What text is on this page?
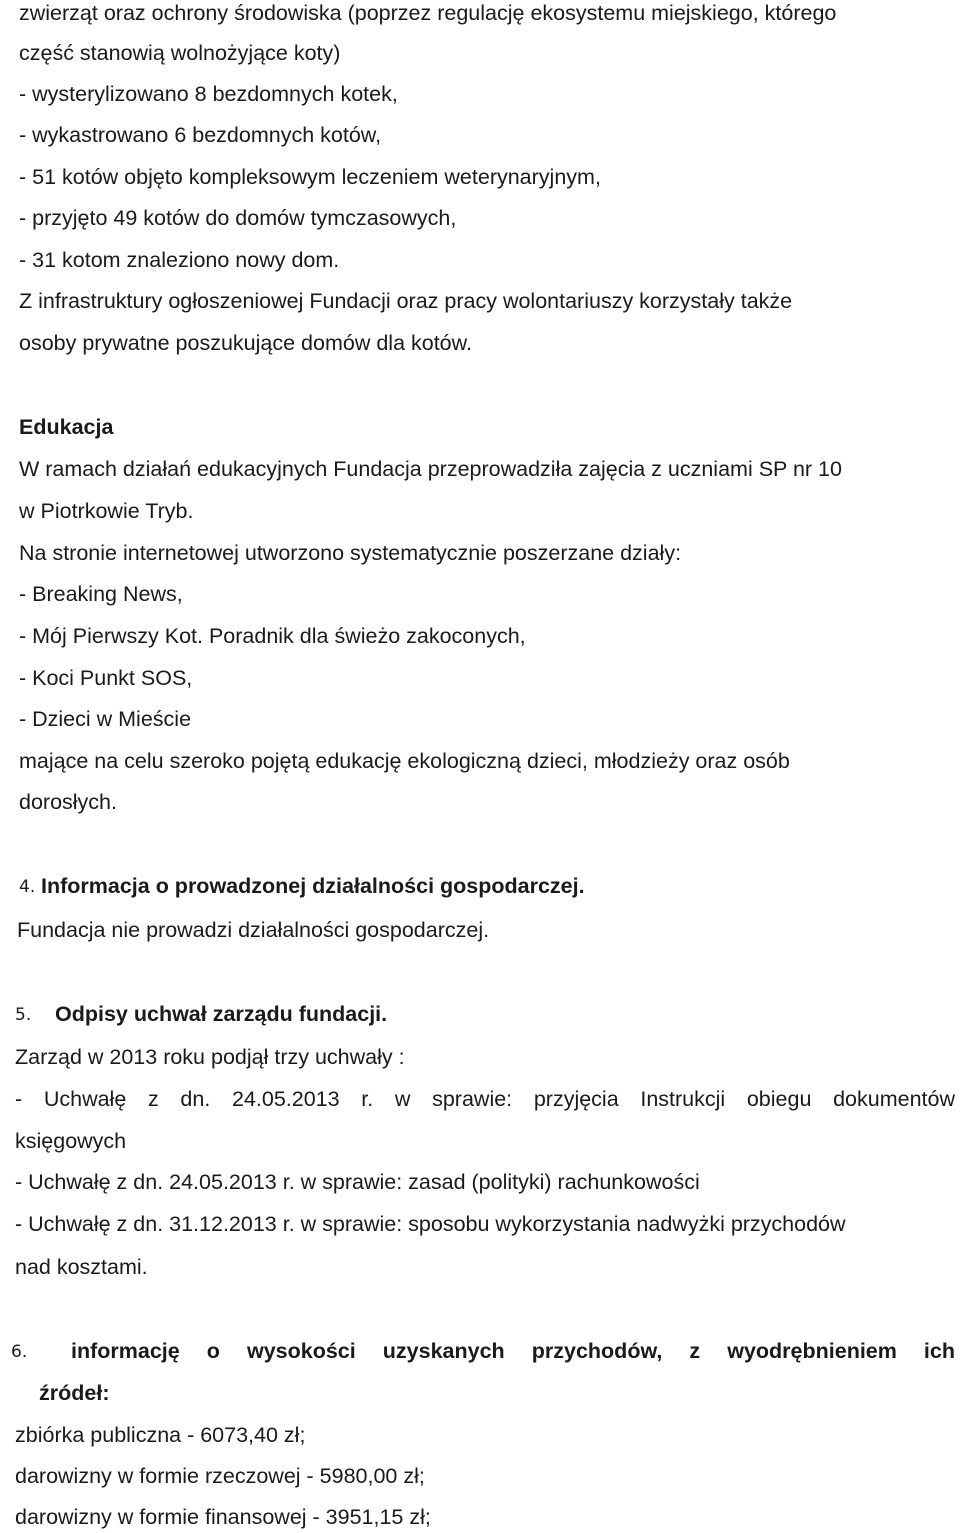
zwierząt oraz ochrony środowiska (poprzez regulację ekosystemu miejskiego, którego
część stanowią wolnożyjące koty)
- wysterylizowano 8 bezdomnych kotek,
- wykastrowano 6 bezdomnych kotów,
- 51 kotów objęto kompleksowym leczeniem weterynaryjnym,
- przyjęto 49 kotów do domów tymczasowych,
- 31 kotom znaleziono nowy dom.
Z infrastruktury ogłoszeniowej Fundacji oraz pracy wolontariuszy korzystały także
osoby prywatne poszukujące domów dla kotów.
Edukacja
W ramach działań edukacyjnych Fundacja przeprowadziła zajęcia z uczniami SP nr 10
w Piotrkowie Tryb.
Na stronie internetowej utworzono systematycznie poszerzane działy:
- Breaking News,
- Mój Pierwszy Kot. Poradnik dla świeżo zakoconych,
- Koci Punkt SOS,
- Dzieci w Mieście
mające na celu szeroko pojętą edukację ekologiczną dzieci, młodzieży oraz osób
dorosłych.
4. Informacja o prowadzonej działalności gospodarczej.
Fundacja nie prowadzi działalności gospodarczej.
5. Odpisy uchwał zarządu fundacji.
Zarząd w 2013 roku podjął trzy uchwały :
- Uchwałę z dn. 24.05.2013 r. w sprawie: przyjęcia Instrukcji obiegu dokumentów
księgowych
- Uchwałę z dn. 24.05.2013 r. w sprawie: zasad (polityki) rachunkowości
- Uchwałę z dn. 31.12.2013 r. w sprawie: sposobu wykorzystania nadwyżki przychodów
nad kosztami.
6. informację o wysokości uzyskanych przychodów, z wyodrębnieniem ich
źródeł:
zbiórka publiczna - 6073,40 zł;
darowizny w formie rzeczowej - 5980,00 zł;
darowizny w formie finansowej - 3951,15 zł;
